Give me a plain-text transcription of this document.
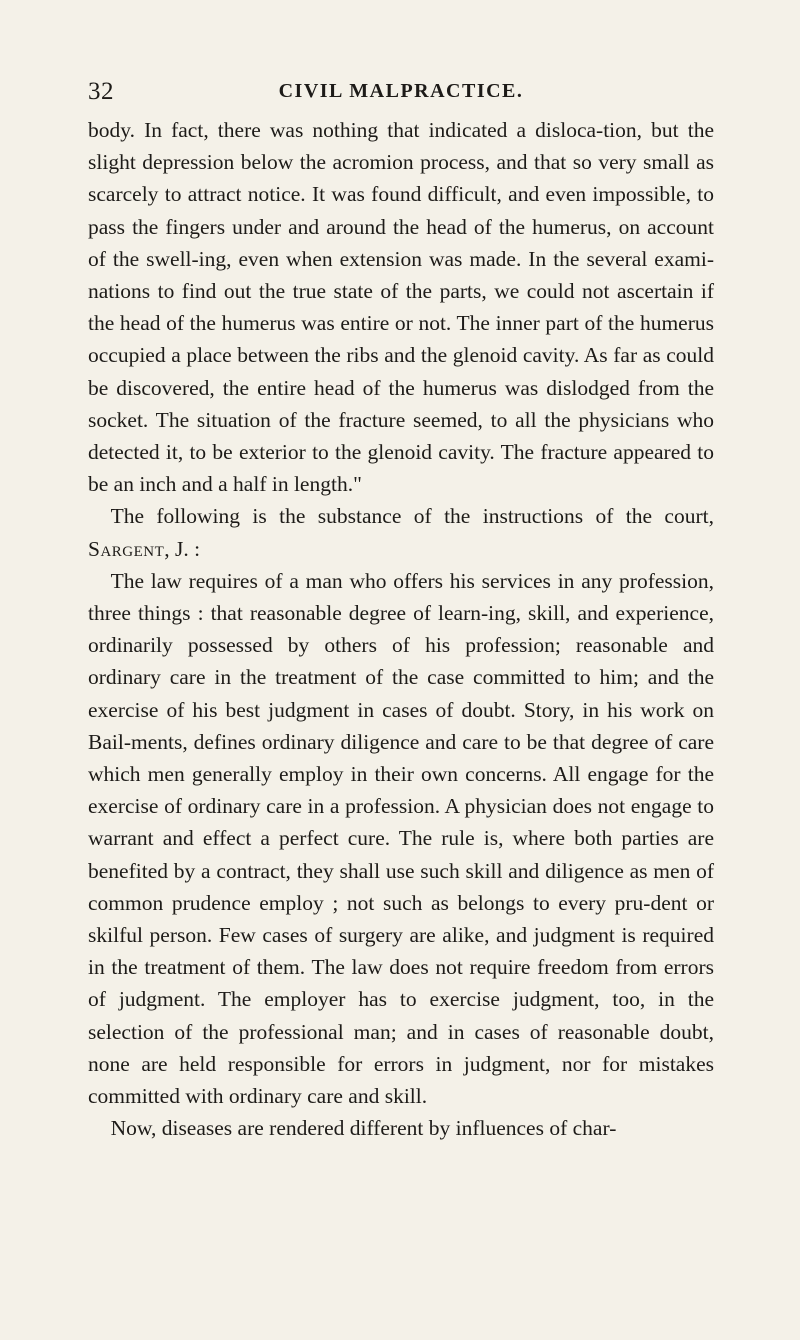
32	CIVIL MALPRACTICE.

body. In fact, there was nothing that indicated a disloca-tion, but the slight depression below the acromion process, and that so very small as scarcely to attract notice. It was found difficult, and even impossible, to pass the fingers under and around the head of the humerus, on account of the swell-ing, even when extension was made. In the several exami-nations to find out the true state of the parts, we could not ascertain if the head of the humerus was entire or not. The inner part of the humerus occupied a place between the ribs and the glenoid cavity. As far as could be discovered, the entire head of the humerus was dislodged from the socket. The situation of the fracture seemed, to all the physicians who detected it, to be exterior to the glenoid cavity. The fracture appeared to be an inch and a half in length."

The following is the substance of the instructions of the court, Sargent, J. :

The law requires of a man who offers his services in any profession, three things : that reasonable degree of learn-ing, skill, and experience, ordinarily possessed by others of his profession; reasonable and ordinary care in the treatment of the case committed to him; and the exercise of his best judgment in cases of doubt. Story, in his work on Bail-ments, defines ordinary diligence and care to be that degree of care which men generally employ in their own concerns. All engage for the exercise of ordinary care in a profession. A physician does not engage to warrant and effect a perfect cure. The rule is, where both parties are benefited by a contract, they shall use such skill and diligence as men of common prudence employ ; not such as belongs to every pru-dent or skilful person. Few cases of surgery are alike, and judgment is required in the treatment of them. The law does not require freedom from errors of judgment. The employer has to exercise judgment, too, in the selection of the professional man; and in cases of reasonable doubt, none are held responsible for errors in judgment, nor for mistakes committed with ordinary care and skill.

Now, diseases are rendered different by influences of char-
